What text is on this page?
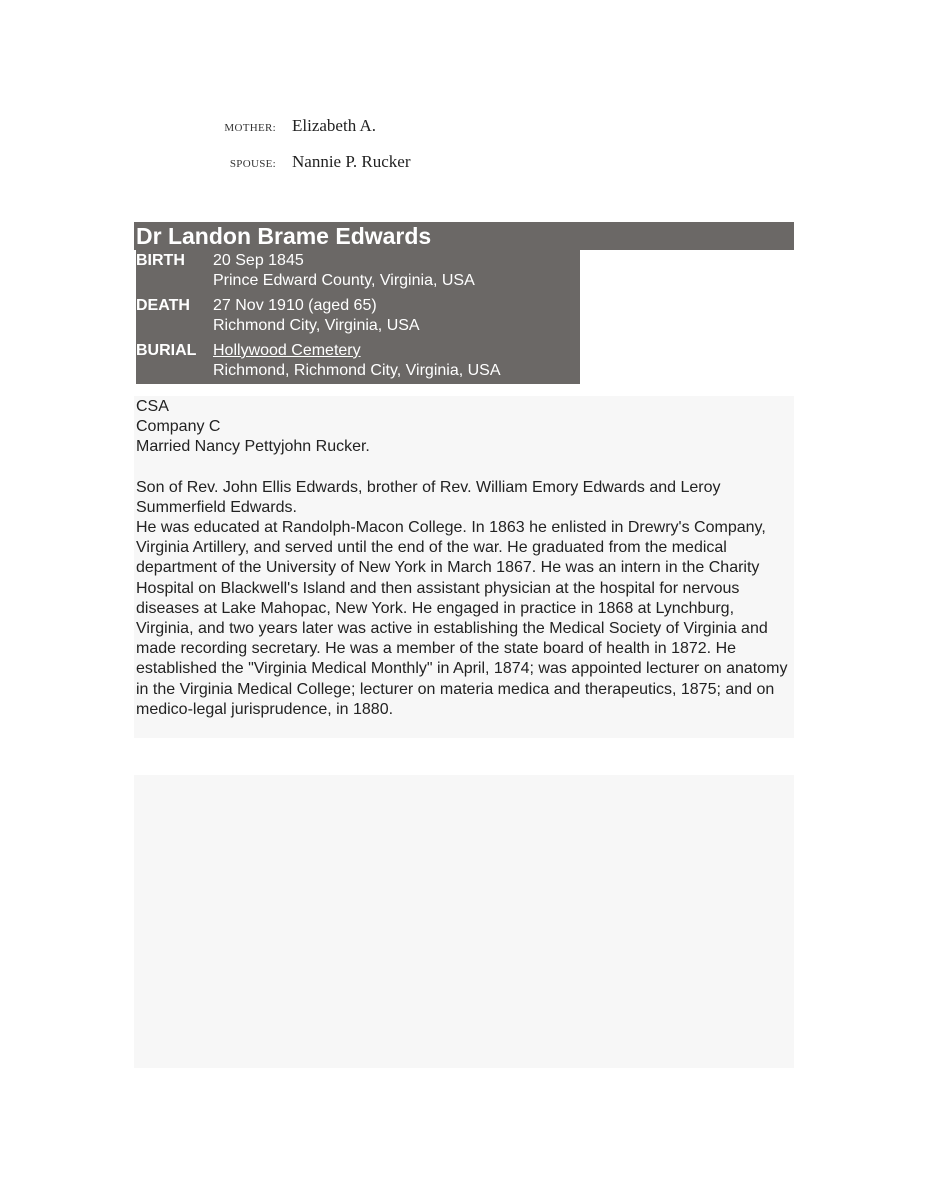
MOTHER: Elizabeth A.
SPOUSE: Nannie P. Rucker
Dr Landon Brame Edwards
BIRTH	20 Sep 1845
Prince Edward County, Virginia, USA
DEATH	27 Nov 1910 (aged 65)
Richmond City, Virginia, USA
BURIAL	Hollywood Cemetery
Richmond, Richmond City, Virginia, USA

CSA

Company C

Married Nancy Pettyjohn Rucker.

Son of Rev. John Ellis Edwards, brother of Rev. William Emory Edwards and Leroy Summerfield Edwards.

He was educated at Randolph-Macon College. In 1863 he enlisted in Drewry's Company, Virginia Artillery, and served until the end of the war. He graduated from the medical department of the University of New York in March 1867. He was an intern in the Charity Hospital on Blackwell's Island and then assistant physician at the hospital for nervous diseases at Lake Mahopac, New York. He engaged in practice in 1868 at Lynchburg, Virginia, and two years later was active in establishing the Medical Society of Virginia and made recording secretary. He was a member of the state board of health in 1872. He established the "Virginia Medical Monthly" in April, 1874; was appointed lecturer on anatomy in the Virginia Medical College; lecturer on materia medica and therapeutics, 1875; and on medico-legal jurisprudence, in 1880.
